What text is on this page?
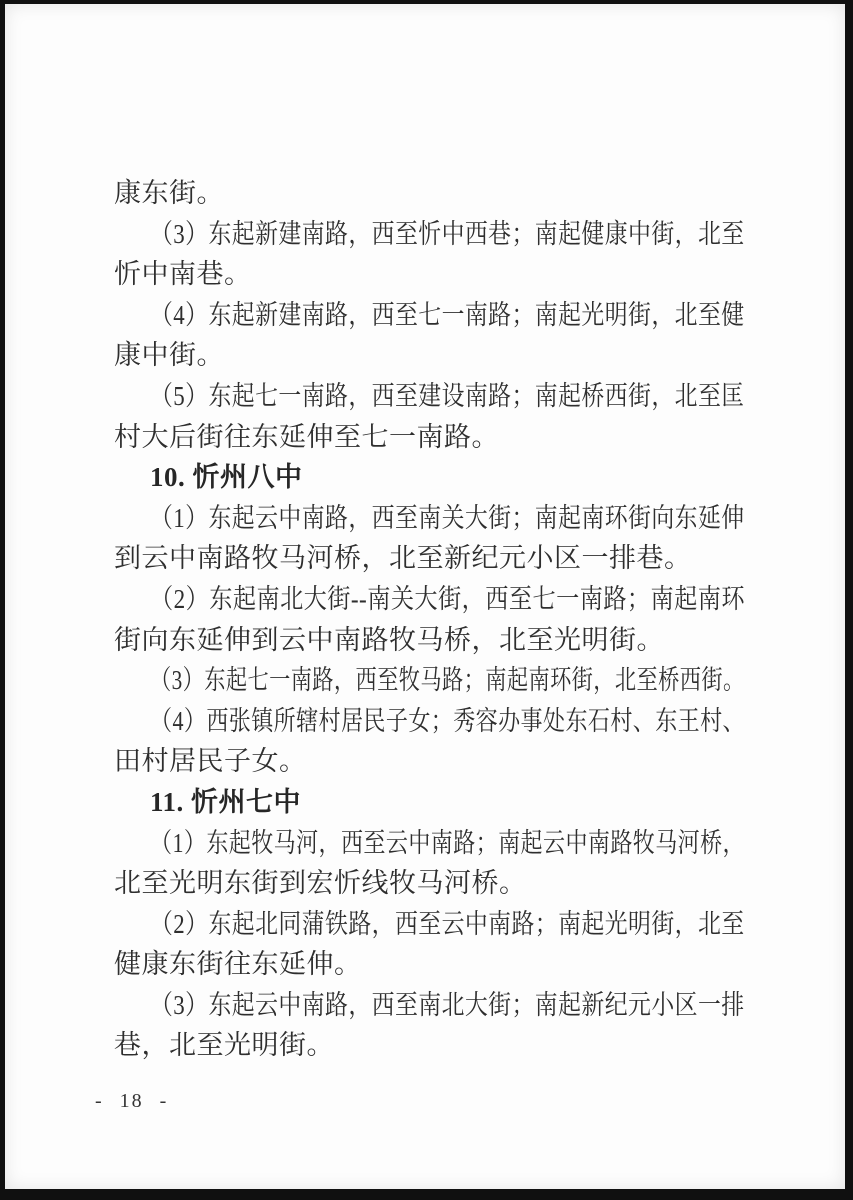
康东街。
（3）东起新建南路，西至忻中西巷；南起健康中街，北至
忻中南巷。
（4）东起新建南路，西至七一南路；南起光明街，北至健
康中街。
（5）东起七一南路，西至建设南路；南起桥西街，北至匡
村大后街往东延伸至七一南路。
10. 忻州八中
（1）东起云中南路，西至南关大街；南起南环街向东延伸
到云中南路牧马河桥，北至新纪元小区一排巷。
（2）东起南北大街--南关大街，西至七一南路；南起南环
街向东延伸到云中南路牧马桥，北至光明街。
（3）东起七一南路，西至牧马路；南起南环街，北至桥西街。
（4）西张镇所辖村居民子女；秀容办事处东石村、东王村、
田村居民子女。
11. 忻州七中
（1）东起牧马河，西至云中南路；南起云中南路牧马河桥，
北至光明东街到宏忻线牧马河桥。
（2）东起北同蒲铁路，西至云中南路；南起光明街，北至
健康东街往东延伸。
（3）东起云中南路，西至南北大街；南起新纪元小区一排
巷，北至光明街。
- 18 -
